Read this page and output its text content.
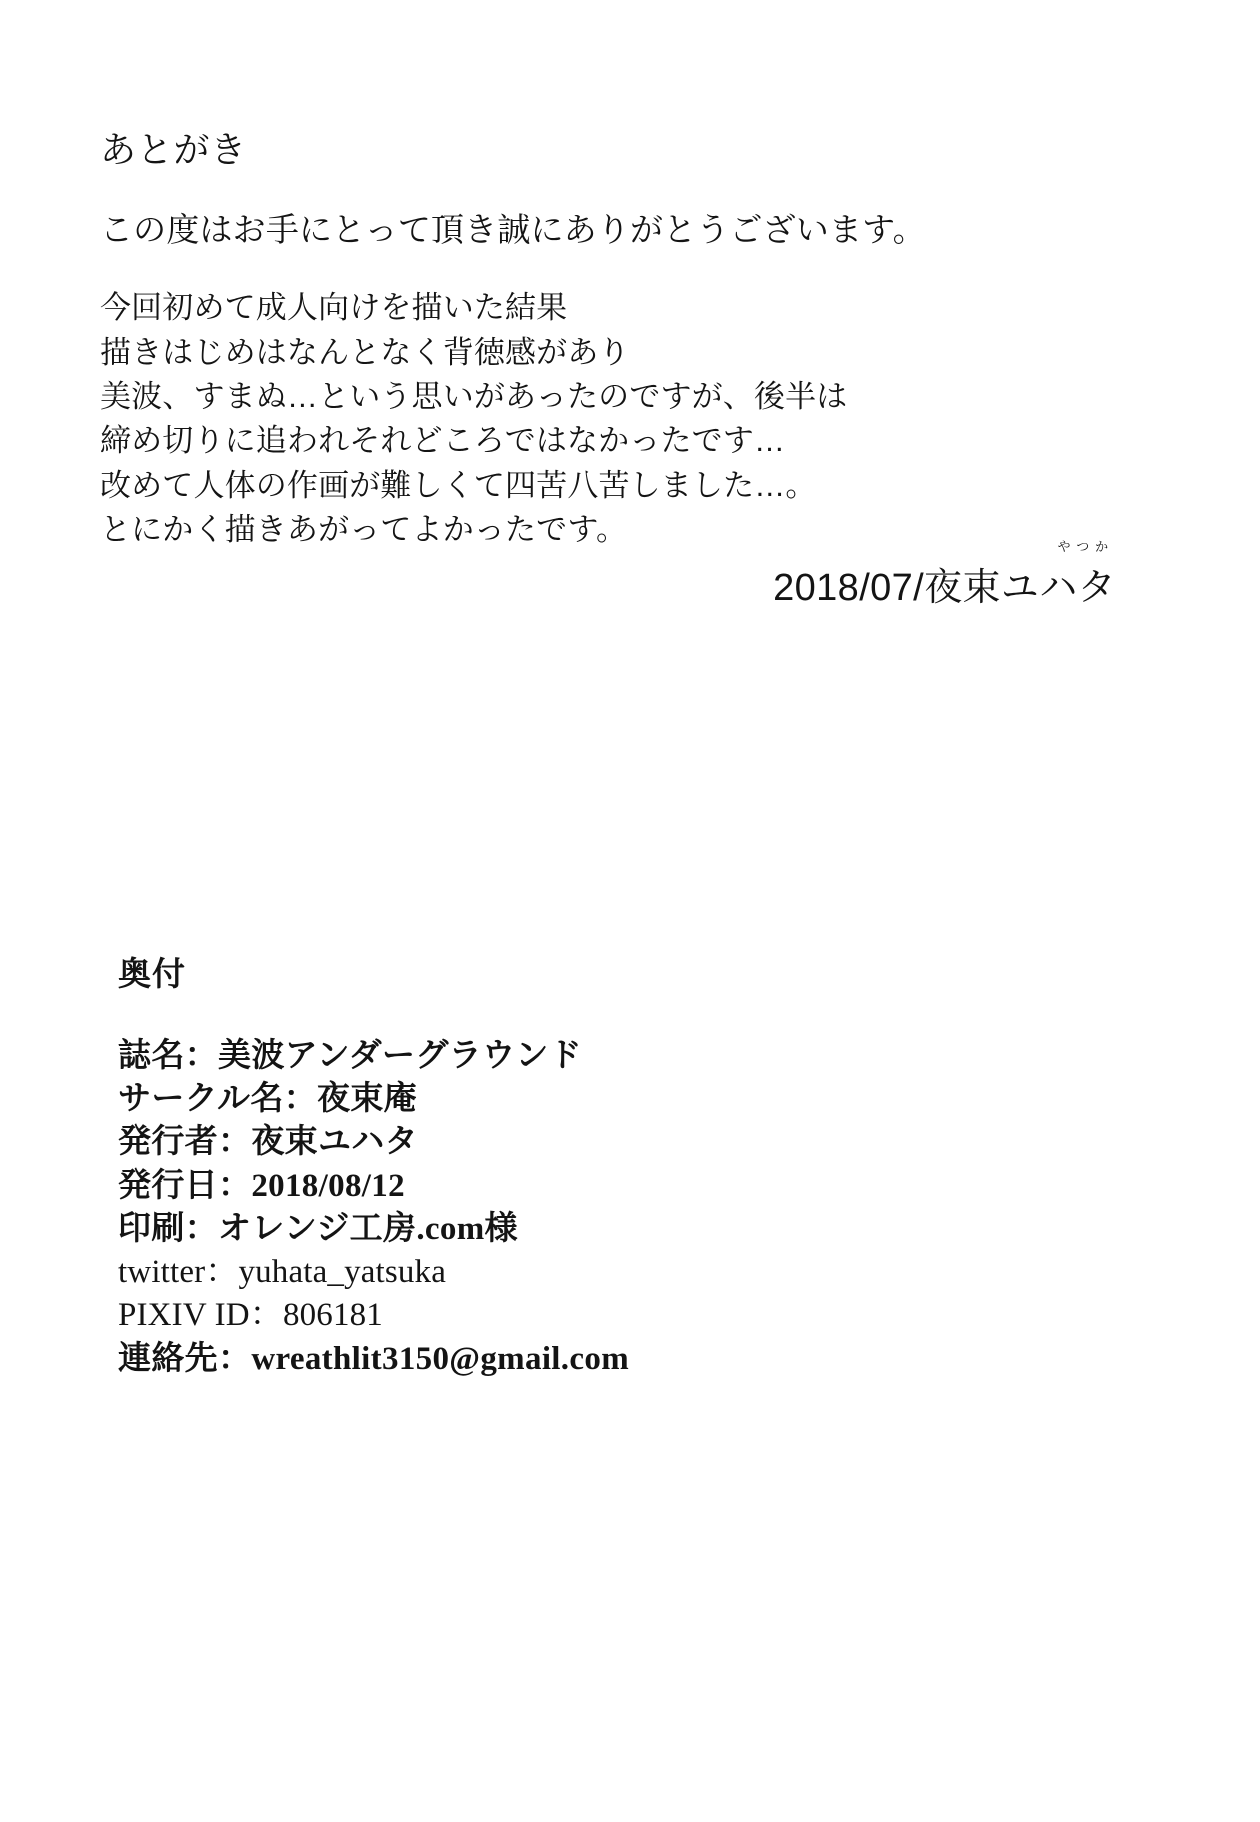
あとがき

この度はお手にとって頂き誠にありがとうございます。

今回初めて成人向けを描いた結果
描きはじめはなんとなく背徳感があり
美波、すまぬ…という思いがあったのですが、後半は
締め切りに追われそれどころではなかったです…
改めて人体の作画が難しくて四苦八苦しました…。
とにかく描きあがってよかったです。	やつか
2018/07/夜束ユハタ
奥付
誌名：美波アンダーグラウンド
サークル名：夜束庵
発行者：夜束ユハタ
発行日：2018/08/12
印刷：オレンジ工房.com様
twitter：yuhata_yatsuka
PIXIV ID：806181
連絡先：wreathlit3150@gmail.com
